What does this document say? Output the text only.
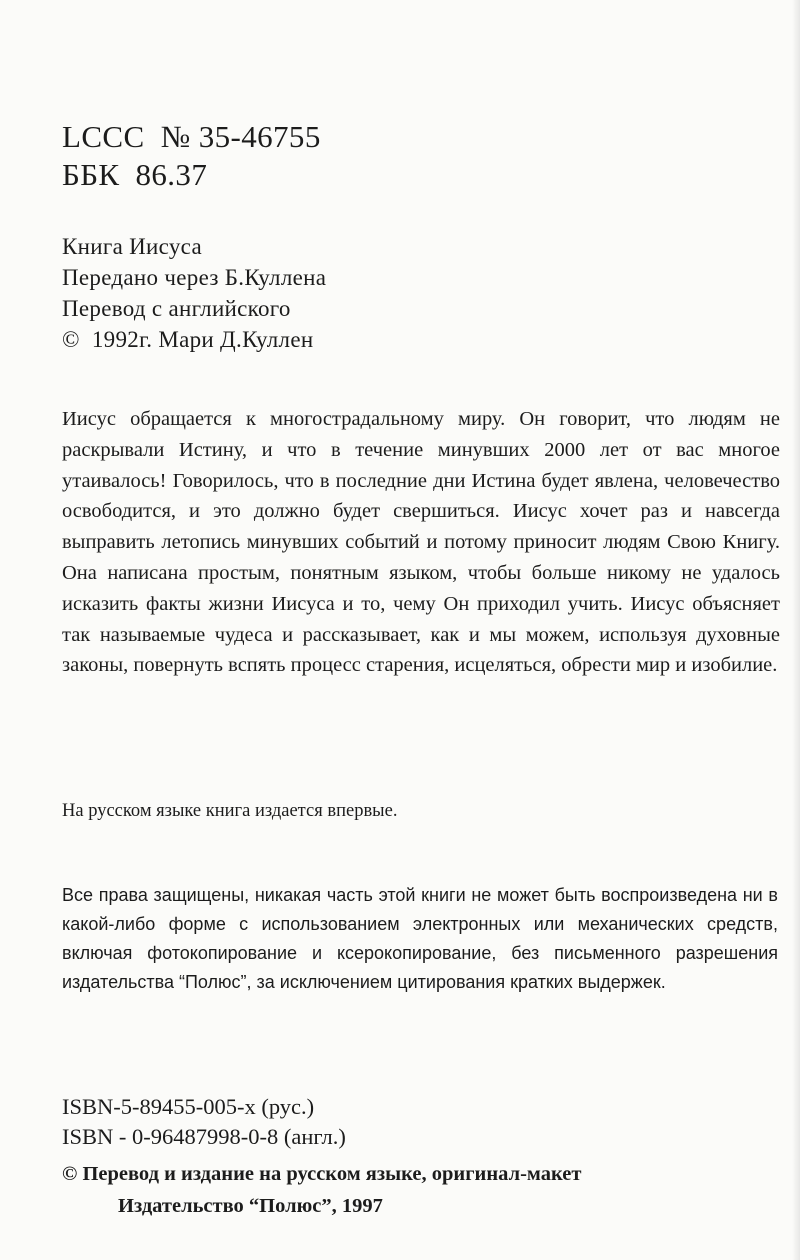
LCCC № 35-46755
ББК 86.37
Книга Иисуса
Передано через Б.Куллена
Перевод с английского
©  1992г. Мари Д.Куллен
Иисус обращается к многострадальному миру. Он говорит, что людям не раскрывали Истину, и что в течение минувших 2000 лет от вас многое утаивалось! Говорилось, что в последние дни Истина будет явлена, человечество освободится, и это должно будет свершиться. Иисус хочет раз и навсегда выправить летопись минувших событий и потому приносит людям Свою Книгу. Она написана простым, понятным языком, чтобы больше никому не удалось исказить факты жизни Иисуса и то, чему Он приходил учить. Иисус объясняет так называемые чудеса и рассказывает, как и мы можем, используя духовные законы, повернуть вспять процесс старения, исцеляться, обрести мир и изобилие.
На русском языке книга издается впервые.
Все права защищены, никакая часть этой книги не может быть воспроизведена ни в какой-либо форме с использованием электронных или механических средств, включая фотокопирование и ксерокопирование, без письменного разрешения издательства “Полюс”, за исключением цитирования кратких выдержек.
ISBN-5-89455-005-х (рус.)
ISBN - 0-96487998-0-8 (англ.)
© Перевод и издание на русском языке, оригинал-макет
Издательство “Полюс”, 1997
